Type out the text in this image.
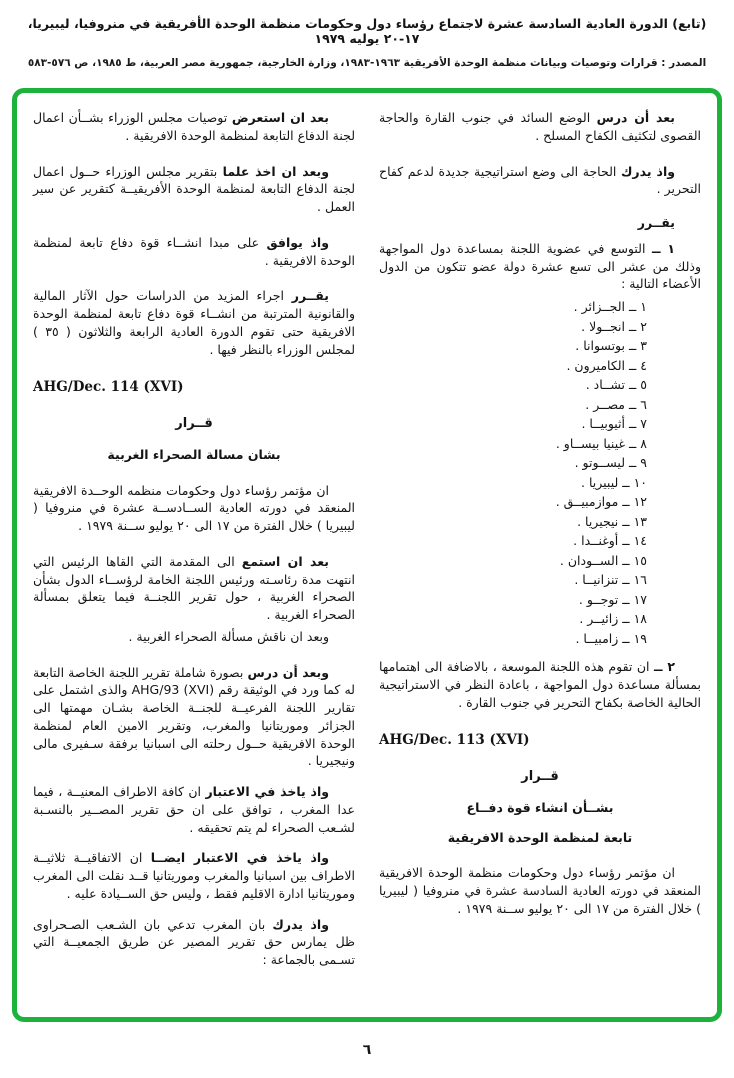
(تابع) الدورة العادية السادسة عشرة لاجتماع رؤساء دول وحكومات منظمة الوحدة الأفريقية في منروفيا، ليبيريا، ١٧-٢٠ يوليه ١٩٧٩
المصدر : قرارات وتوصيات وبيانات منظمة الوحدة الأفريقية ١٩٦٣-١٩٨٣، وزارة الخارجية، جمهورية مصر العربية، ط ١٩٨٥، ص ٥٧٦-٥٨٣

بعد أن درس الوضع السائد في جنوب القارة والحاجة القصوى لتكثيف الكفاح المسلح .

واذ يدرك الحاجة الى وضع استراتيجية جديدة لدعم كفاح التحرير .

يقــرر

١ ــ التوسع في عضوية اللجنة بمساعدة دول المواجهة وذلك من عشر الى تسع عشرة دولة عضو تتكون من الدول الأعضاء التالية :

١ ــ الجــزائر .
٢ ــ انجــولا .
٣ ــ بوتسوانا .
٤ ــ الكاميرون .
٥ ــ تشــاد .
٦ ــ مصــر .
٧ ــ أثيوبيــا .
٨ ــ غينيا بيســاو .
٩ ــ ليســوتو .
١٠ ــ ليبيريا .
١٢ ــ موازمبيــق .
١٣ ــ نيجيريا .
١٤ ــ أوغنــدا .
١٥ ــ الســودان .
١٦ ــ تنزانيــا .
١٧ ــ توجــو .
١٨ ــ زائيــر .
١٩ ــ زامبيــا .

٢ ــ ان تقوم هذه اللجنة الموسعة ، بالاضافة الى اهتمامها بمسألة مساعدة دول المواجهة ، باعادة النظر في الاستراتيجية الحالية الخاصة بكفاح التحرير في جنوب القارة .

AHG/Dec. 113 (XVI)
قــرار
بشــأن انشاء قوة دفــاع
تابعة لمنظمة الوحدة الافريقية

ان مؤتمر رؤساء دول وحكومات منظمة الوحدة الافريقية المنعقد في دورته العادية السادسة عشرة في منروفيا ( ليبيريا ) خلال الفترة من ١٧ الى ٢٠ يوليو ســنة ١٩٧٩ .

بعد ان استعرض توصيات مجلس الوزراء بشــأن اعمال لجنة الدفاع التابعة لمنظمة الوحدة الافريقية .

وبعد ان اخذ علما بتقرير مجلس الوزراء حــول اعمال لجنة الدفاع التابعة لمنظمة الوحدة الأفريقيــة كتقرير عن سير العمل .

واذ يوافق على مبدا انشــاء قوة دفاع تابعة لمنظمة الوحدة الافريقية .

يقــرر اجراء المزيد من الدراسات حول الآثار المالية والقانونية المترتبة من انشــاء قوة دفاع تابعة لمنظمة الوحدة الافريقية حتى تقوم الدورة العادية الرابعة والثلاثون ( ٣٥ ) لمجلس الوزراء بالنظر فيها .

AHG/Dec. 114 (XVI)
قــرار
بشان مسالة الصحراء الغربية

ان مؤتمر رؤساء دول وحكومات منظمه الوحــدة الافريقية المنعقد في دورته العادية الســادســة عشرة في منروفيا ( ليبيريا ) خلال الفترة من ١٧ الى ٢٠ يوليو ســنة ١٩٧٩ .

بعد ان استمع الى المقدمة التي القاها الرئيس التي انتهت مدة رئاسـته ورئيس اللجنة الخامة لرؤســاء الدول بشأن الصحراء الغربية ، حول تقرير اللجنــة فيما يتعلق بمسألة الصحراء الغربية .

وبعد ان ناقش مسألة الصحراء الغربية .

وبعد أن درس بصورة شاملة تقرير اللجنة الخاصة التابعة له كما ورد في الوثيقة رقم AHG/93 (XVI) والذى اشتمل على تقارير اللجنة الفرعيــة للجنــة الخاصة بشـان مهمتها الى الجزائر وموريتانيا والمغرب، وتقرير الامين العام لمنظمة الوحدة الافريقية حــول رحلته الى اسبانيا برفقة سـفيرى مالى ونيجيريا .

واذ ياخذ في الاعتبار ان كافة الاطراف المعنيــة ، فيما عدا المغرب ، توافق على ان حق تقرير المصــير بالنسـبة لشـعب الصحراء لم يتم تحقيقه .

واذ ياخذ في الاعتبار ايضــا ان الاتفاقيــة ثلاثيــة الاطراف بين اسبانيا والمغرب وموريتانيا قــد نقلت الى المغرب وموريتانيا ادارة الاقليم فقط ، وليس حق الســيادة عليه .

واذ يدرك بان المغرب تدعي بان الشـعب الصـحراوى ظل يمارس حق تقرير المصير عن طريق الجمعيــة التي تسـمى بالجماعة :

٦
